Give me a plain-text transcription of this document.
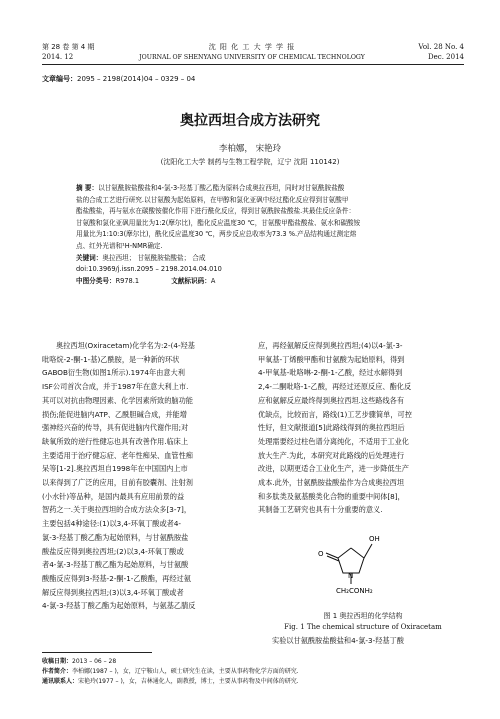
第 28 卷 第 4 期
2014. 12
沈 阳 化 工 大 学 学 报
JOURNAL OF SHENYANG UNIVERSITY OF CHEMICAL TECHNOLOGY
Vol. 28 No. 4
Dec. 2014
文章编号：2095 – 2198(2014)04 – 0329 – 04
奥拉西坦合成方法研究
李柏娜， 宋艳玲
(沈阳化工大学 制药与生物工程学院，辽宁 沈阳 110142)
摘 要：以甘氨酰胺盐酸盐和4-氯-3-羟基丁酸乙酯为原料合成奥拉西坦，同时对甘氨酰胺盐酸
盐的合成工艺进行研究.以甘氨酸为起始原料，在甲醇和氯化亚砜中经过酯化反应得到甘氨酸甲
酯盐酸盐，再与氨水在碳酸铵催化作用下进行酰化反应，得到甘氨酰胺盐酸盐.其最佳反应条件：
甘氨酸和氯化亚砜用量比为1:2(摩尔比)，酯化反应温度30 ℃，甘氨酸甲酯盐酸盐、氨水和碳酸铵
用量比为1:10:3(摩尔比)，酰化反应温度30 ℃，两步反应总收率为73.3 %.产品结构通过测定熔
点、红外光谱和¹H-NMR确定.
关键词：奥拉西坦； 甘氨酰胺盐酸盐； 合成
doi:10.3969/j.issn.2095 – 2198.2014.04.010
中图分类号：R978.1	文献标识码：A

奥拉西坦(Oxiracetam)化学名为:2-(4-羟基

吡咯烷-2-酮-1-基)乙酰胺，是一种新的环状

GABOB衍生物(如图1所示).1974年由意大利

ISF公司首次合成，并于1987年在意大利上市.

其可以对抗由物理因素、化学因素所致的脑功能

损伤;能促进脑内ATP、乙酰胆碱合成，并能增

强神经兴奋的传导，具有促进脑内代谢作用;对

缺氧所致的逆行性健忘也具有改善作用.临床上

主要适用于治疗健忘症、老年性痴呆、血管性痴

呆等[1-2].奥拉西坦自1998年在中国国内上市

以来得到了广泛的应用，目前有胶囊剂、注射剂

(小水针)等品种，是国内最具有应用前景的益

智药之一.关于奥拉西坦的合成方法众多[3-7]，

主要包括4种途径:(1)以3,4-环氧丁酸或者4-

氯-3-羟基丁酸乙酯为起始原料，与甘氨酰胺盐

酸盐反应得到奥拉西坦;(2)以3,4-环氧丁酸或

者4-氯-3-羟基丁酸乙酯为起始原料，与甘氨酸

酸酯反应得到3-羟基-2-酮-1-乙酸酯，再经过氨

解反应得到奥拉西坦;(3)以3,4-环氧丁酸或者

4-氯-3-羟基丁酸乙酯为起始原料，与氨基乙腈反

应，再经氨解反应得到奥拉西坦;(4)以4-氯-3-

甲氧基-丁烯酸甲酯和甘氨酸为起始原料，得到

4-甲氧基-吡咯啉-2-酮-1-乙酸，经过水解得到

2,4-二酮吡咯-1-乙酸，再经过还原反应、酯化反

应和氨解反应最终得到奥拉西坦.这些路线各有

优缺点，比较而言，路线(1)工艺步骤简单，可控

性好，但文献报道[5]此路线得到的奥拉西坦后

处理需要经过柱色谱分离纯化，不适用于工业化

放大生产.为此，本研究对此路线的后处理进行

改进，以期更适合工业化生产，进一步降低生产

成本.此外，甘氨酰胺盐酸盐作为合成奥拉西坦

和多肽类及氨基酸类化合物的重要中间体[8]，

其制备工艺研究也具有十分重要的意义.

OH
O
N
CH₂CONH₂
图 1 奥拉西坦的化学结构
Fig. 1 The chemical structure of Oxiracetam
实验以甘氨酰胺盐酸盐和4-氯-3-羟基丁酸
收稿日期：2013 – 06 – 28
作者简介：李柏娜(1987 – )，女，辽宁鞍山人，硕士研究生在读，主要从事药物化学方面的研究.
通讯联系人：宋艳玲(1977 – )，女，吉林通化人，副教授，博士，主要从事药物及中间体的研究.
